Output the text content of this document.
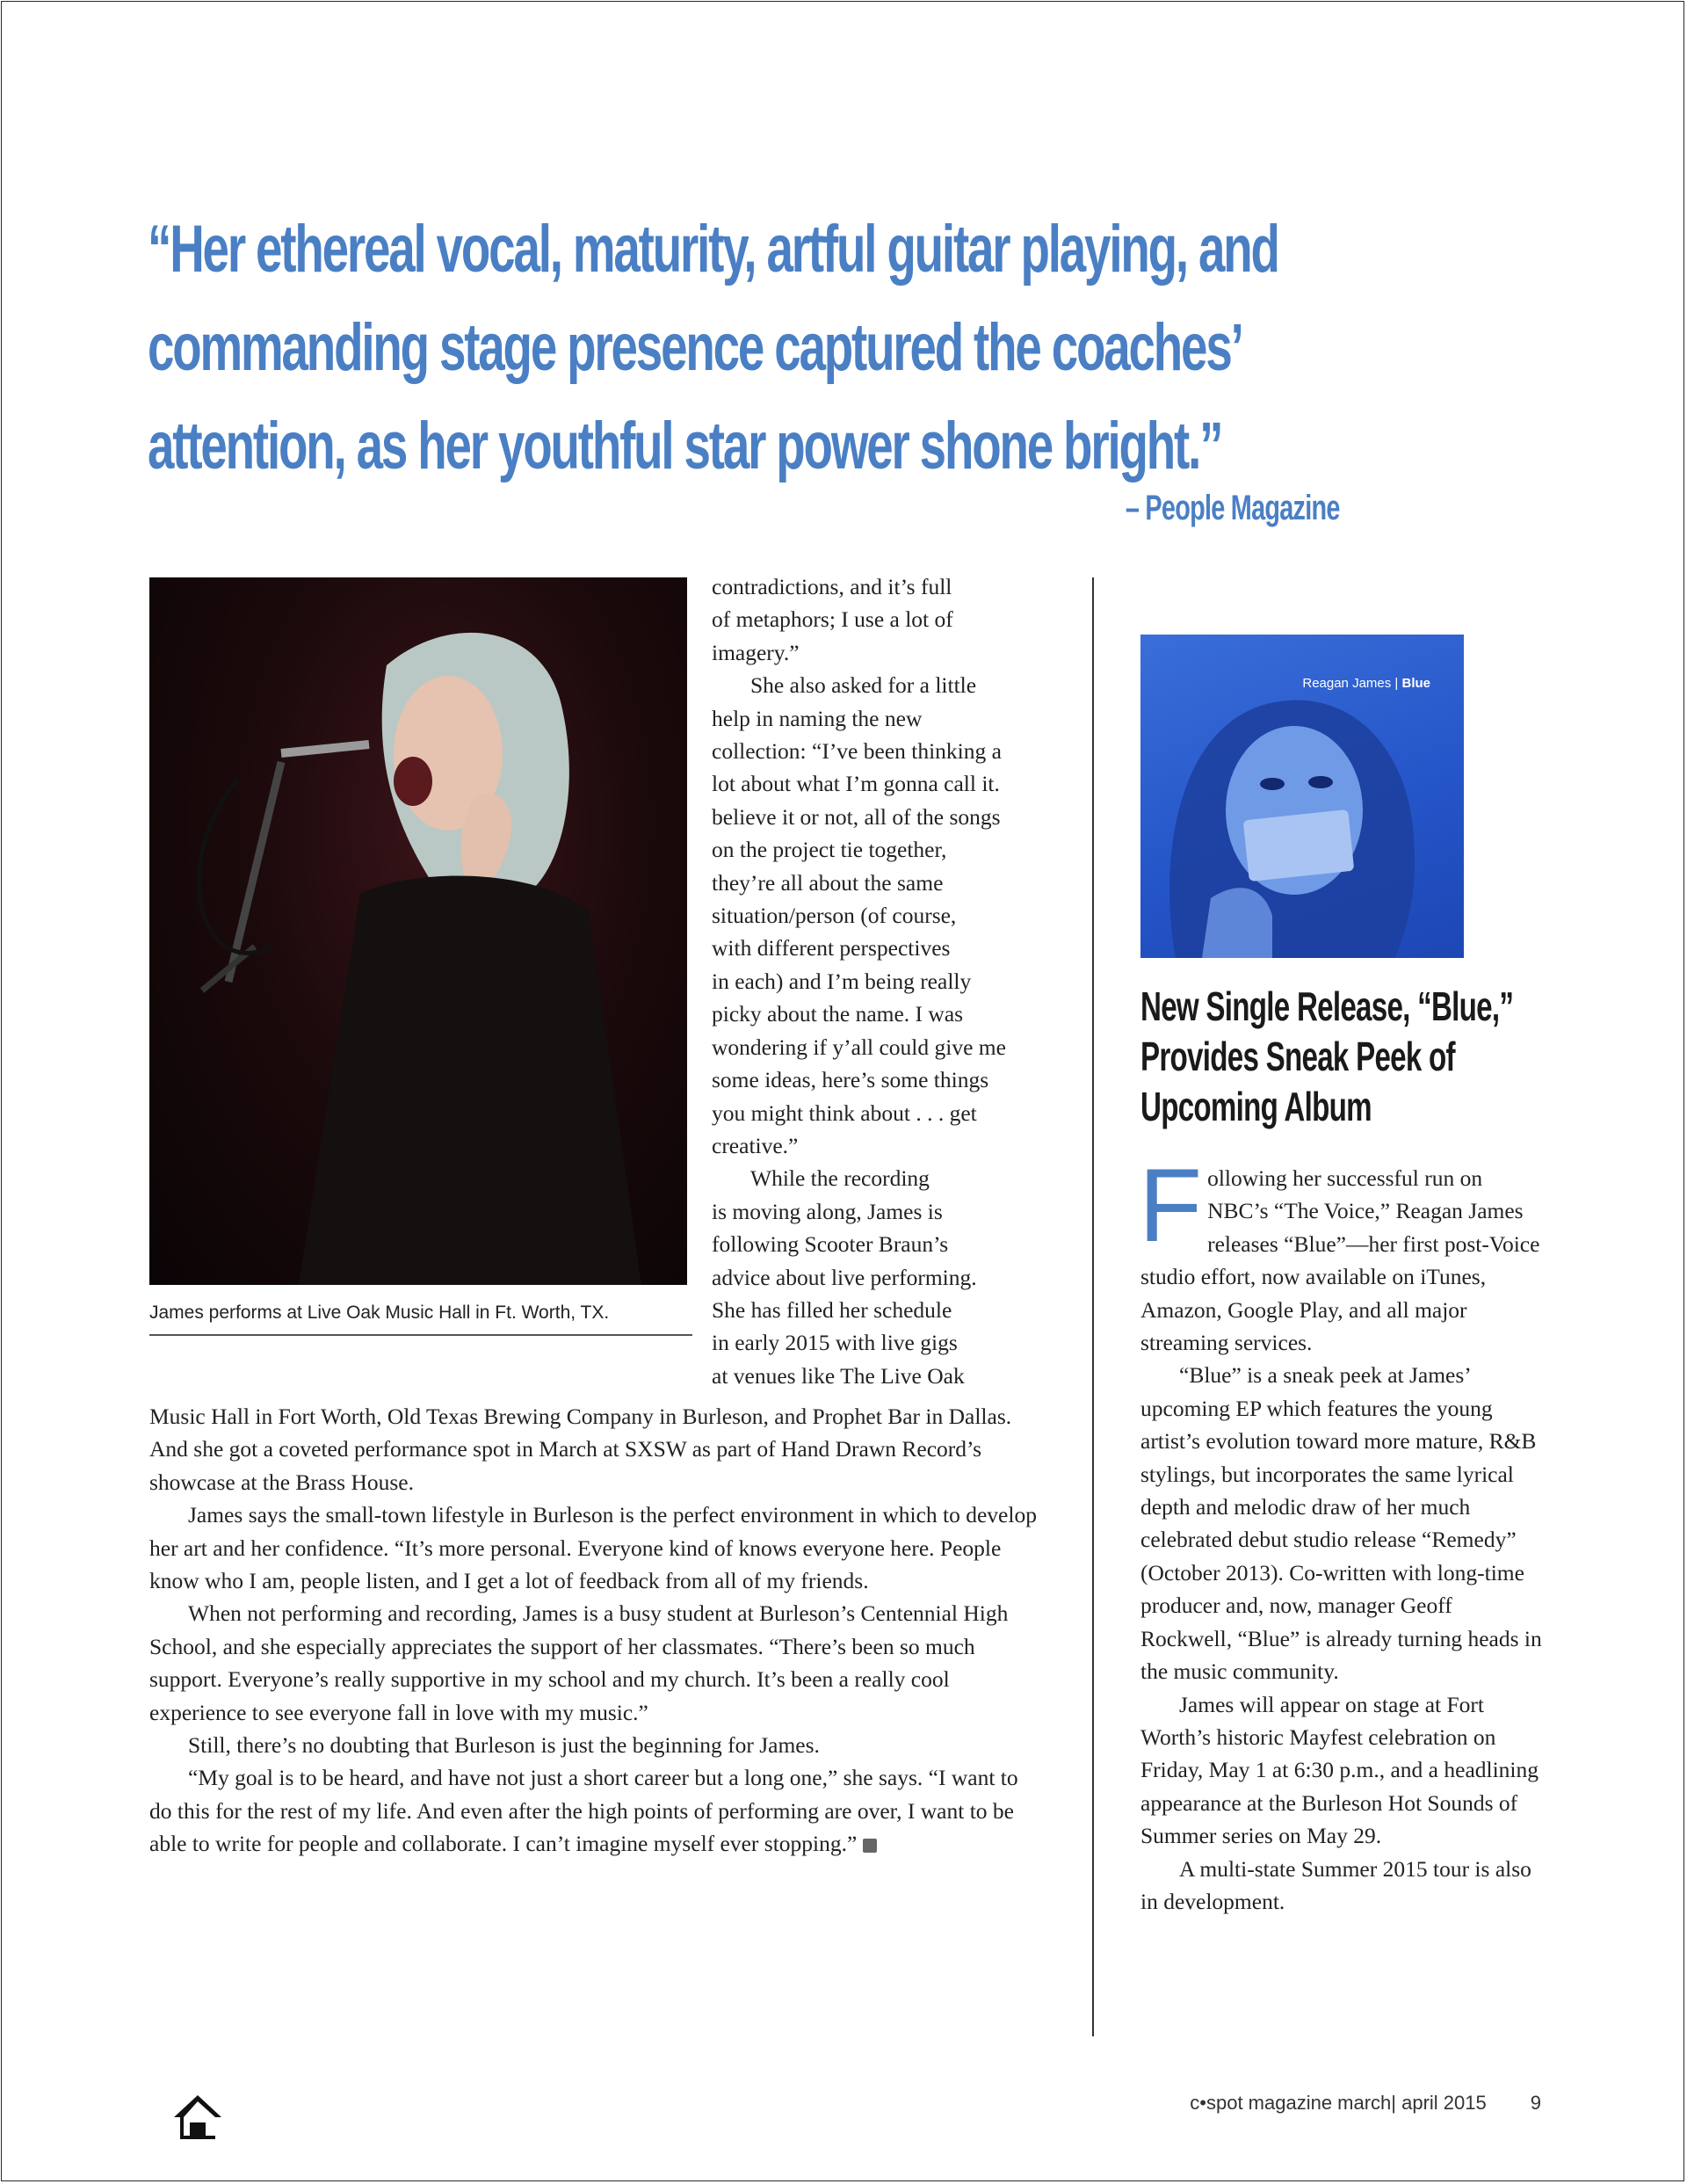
“Her ethereal vocal, maturity, artful guitar playing, and
commanding stage presence captured the coaches’
attention, as her youthful star power shone bright.”
– People Magazine
James performs at Live Oak Music Hall in Ft. Worth, TX.
contradictions, and it’s full
of metaphors; I use a lot of
imagery.”
She also asked for a little
help in naming the new
collection: “I’ve been thinking a
lot about what I’m gonna call it.
believe it or not, all of the songs
on the project tie together,
they’re all about the same
situation/person (of course,
with different perspectives
in each) and I’m being really
picky about the name. I was
wondering if y’all could give me
some ideas, here’s some things
you might think about . . . get
creative.”
While the recording
is moving along, James is
following Scooter Braun’s
advice about live performing.
She has filled her schedule
in early 2015 with live gigs
at venues like The Live Oak

Music Hall in Fort Worth, Old Texas Brewing Company in Burleson, and Prophet Bar in Dallas. And she got a coveted performance spot in March at SXSW as part of Hand Drawn Record’s showcase at the Brass House.

James says the small-town lifestyle in Burleson is the perfect environment in which to develop her art and her confidence. “It’s more personal. Everyone kind of knows everyone here. People know who I am, people listen, and I get a lot of feedback from all of my friends.

When not performing and recording, James is a busy student at Burleson’s Centennial High School, and she especially appreciates the support of her classmates. “There’s been so much support. Everyone’s really supportive in my school and my church. It’s been a really cool experience to see everyone fall in love with my music.”

Still, there’s no doubting that Burleson is just the beginning for James.

“My goal is to be heard, and have not just a short career but a long one,” she says. “I want to do this for the rest of my life. And even after the high points of performing are over, I want to be able to write for people and collaborate. I can’t imagine myself ever stopping.”	C

Reagan James | Blue
New Single Release, “Blue,”
Provides Sneak Peek of
Upcoming Album

Following her successful run on NBC’s “The Voice,” Reagan James releases “Blue”—her first post-Voice studio effort, now available on iTunes, Amazon, Google Play, and all major streaming services.

“Blue” is a sneak peek at James’ upcoming EP which features the young artist’s evolution toward more mature, R&B stylings, but incorporates the same lyrical depth and melodic draw of her much celebrated debut studio release “Remedy” (October 2013). Co-written with long-time producer and, now, manager Geoff Rockwell, “Blue” is already turning heads in the music community.

James will appear on stage at Fort Worth’s historic Mayfest celebration on Friday, May 1 at 6:30 p.m., and a headlining appearance at the Burleson Hot Sounds of Summer series on May 29.

A multi-state Summer 2015 tour is also in development.

c•spot magazine march| april 2015 9
